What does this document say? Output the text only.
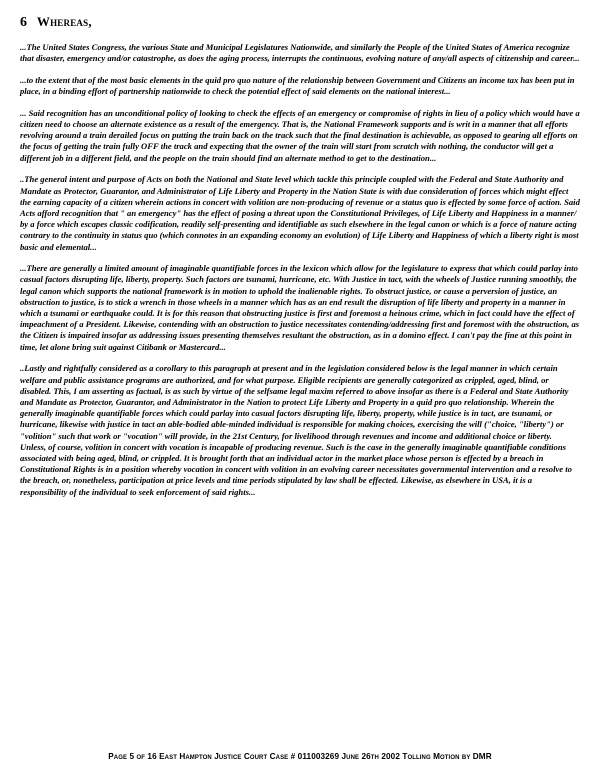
6 Whereas,

...The United States Congress, the various State and Municipal Legislatures Nationwide, and similarly the People of the United States of America recognize that disaster, emergency and/or catastrophe, as does the aging process, interrupts the continuous, evolving nature of any/all aspects of citizenship and career...

...to the extent that of the most basic elements in the quid pro quo nature of the relationship between Government and Citizens an income tax has been put in place, in a binding effort of partnership nationwide to check the potential effect of said elements on the national interest...

... Said recognition has an unconditional policy of looking to check the effects of an emergency or compromise of rights in lieu of a policy which would have a citizen need to choose an alternate existence as a result of the emergency. That is, the National Framework supports and is writ in a manner that all efforts revolving around a train derailed focus on putting the train back on the track such that the final destination is achievable, as opposed to gearing all efforts on the focus of getting the train fully OFF the track and expecting that the owner of the train will start from scratch with nothing, the conductor will get a different job in a different field, and the people on the train should find an alternate method to get to the destination...

..The general intent and purpose of Acts on both the National and State level which tackle this principle coupled with the Federal and State Authority and Mandate as Protector, Guarantor, and Administrator of Life Liberty and Property in the Nation State is with due consideration of forces which might effect the earning capacity of a citizen wherein actions in concert with volition are non-producing of revenue or a status quo is effected by some force of action. Said Acts afford recognition that " an emergency" has the effect of posing a threat upon the Constitutional Privileges, of Life Liberty and Happiness in a manner/ by a force which escapes classic codification, readily self-presenting and identifiable as such elsewhere in the legal canon or which is a force of nature acting contrary to the continuity in status quo (which connotes in an expanding economy an evolution) of Life Liberty and Happiness of which a liberty right is most basic and elemental...

...There are generally a limited amount of imaginable quantifiable forces in the lexicon which allow for the legislature to express that which could parlay into casual factors disrupting life, liberty, property. Such factors are tsunami, hurricane, etc. With Justice in tact, with the wheels of Justice running smoothly, the legal canon which supports the national framework is in motion to uphold the inalienable rights. To obstruct justice, or cause a perversion of justice, an obstruction to justice, is to stick a wrench in those wheels in a manner which has as an end result the disruption of life liberty and property in a manner in which a tsunami or earthquake could. It is for this reason that obstructing justice is first and foremost a heinous crime, which in fact could have the effect of impeachment of a President. Likewise, contending with an obstruction to justice necessitates contending/addressing first and foremost with the obstruction, as the Citizen is impaired insofar as addressing issues presenting themselves resultant the obstruction, as in a domino effect. I can't pay the fine at this point in time, let alone bring suit against Citibank or Mastercard...

..Lastly and rightfully considered as a corollary to this paragraph at present and in the legislation considered below is the legal manner in which certain welfare and public assistance programs are authorized, and for what purpose. Eligible recipients are generally categorized as crippled, aged, blind, or disabled. This, I am asserting as factual, is as such by virtue of the selfsame legal maxim referred to above insofar as there is a Federal and State Authority and Mandate as Protector, Guarantor, and Administrator in the Nation to protect Life Liberty and Property in a quid pro quo relationship. Wherein the generally imaginable quantifiable forces which could parlay into casual factors disrupting life, liberty, property, while justice is in tact, are tsunami, or hurricane, likewise with justice in tact an able-bodied able-minded individual is responsible for making choices, exercising the will ("choice, "liberty") or "volition" such that work or "vocation" will provide, in the 21st Century, for livelihood through revenues and income and additional choice or liberty. Unless, of course, volition in concert with vocation is incapable of producing revenue. Such is the case in the generally imaginable quantifiable conditions associated with being aged, blind, or crippled. It is brought forth that an individual actor in the market place whose person is effected by a breach in Constitutional Rights is in a position whereby vocation in concert with volition in an evolving career necessitates governmental intervention and a resolve to the breach, or, nonetheless, participation at price levels and time periods stipulated by law shall be effected. Likewise, as elsewhere in USA, it is a responsibility of the individual to seek enforcement of said rights...

Page 5 of 16 East Hampton Justice Court Case # 011003269 June 26th 2002 Tolling Motion by DMR
